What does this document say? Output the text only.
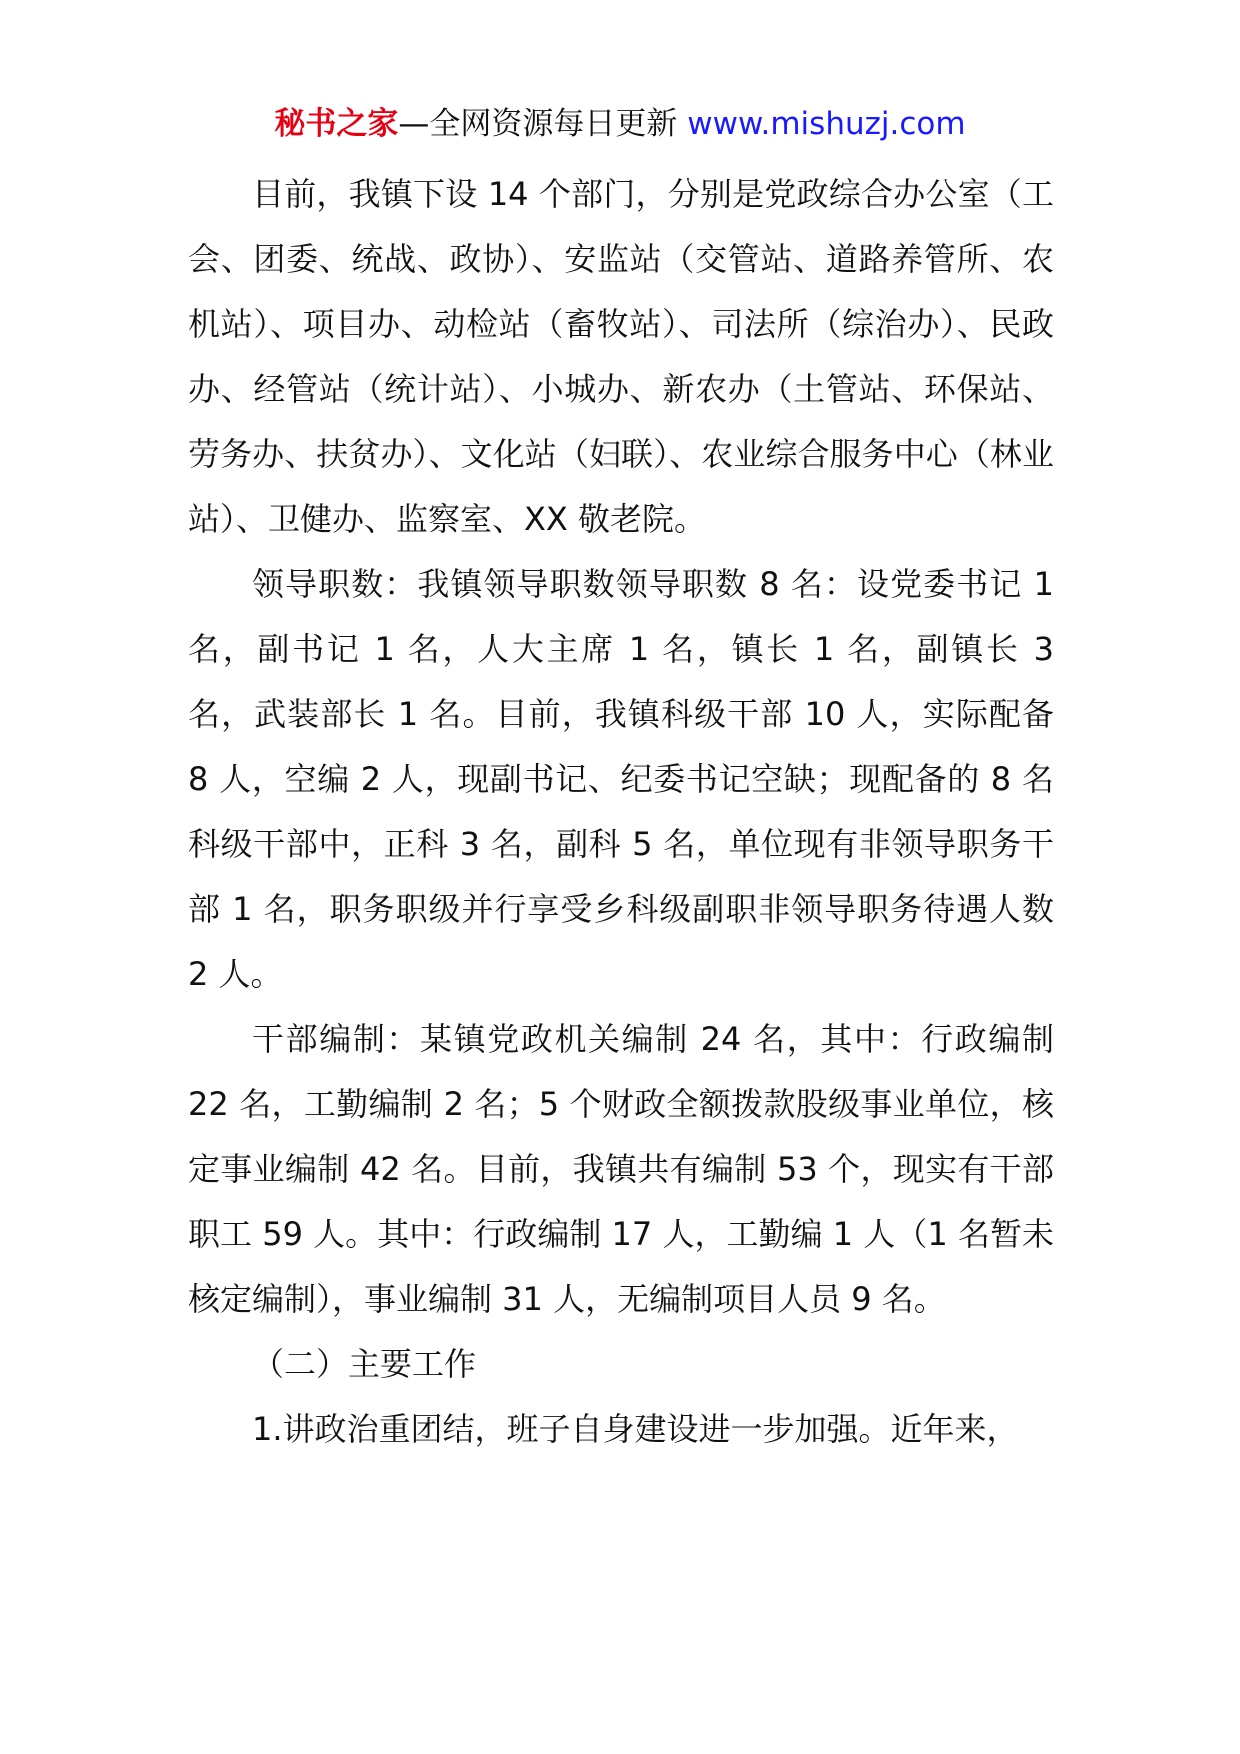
秘书之家—全网资源每日更新 www.mishuzj.com

目前，我镇下设 14 个部门，分别是党政综合办公室（工会、团委、统战、政协）、安监站（交管站、道路养管所、农机站）、项目办、动检站（畜牧站）、司法所（综治办）、民政办、经管站（统计站）、小城办、新农办（土管站、环保站、劳务办、扶贫办）、文化站（妇联）、农业综合服务中心（林业站）、卫健办、监察室、XX 敬老院。

领导职数：我镇领导职数领导职数 8 名：设党委书记 1 名，副书记 1 名，人大主席 1 名，镇长 1 名，副镇长 3 名，武装部长 1 名。目前，我镇科级干部 10 人，实际配备 8 人，空编 2 人，现副书记、纪委书记空缺；现配备的 8 名科级干部中，正科 3 名，副科 5 名，单位现有非领导职务干部 1 名，职务职级并行享受乡科级副职非领导职务待遇人数 2 人。

干部编制：某镇党政机关编制 24 名，其中：行政编制 22 名，工勤编制 2 名；5 个财政全额拨款股级事业单位，核定事业编制 42 名。目前，我镇共有编制 53 个，现实有干部职工 59 人。其中：行政编制 17 人，工勤编 1 人（1 名暂未核定编制），事业编制 31 人，无编制项目人员 9 名。

（二）主要工作

1.讲政治重团结，班子自身建设进一步加强。近年来，
